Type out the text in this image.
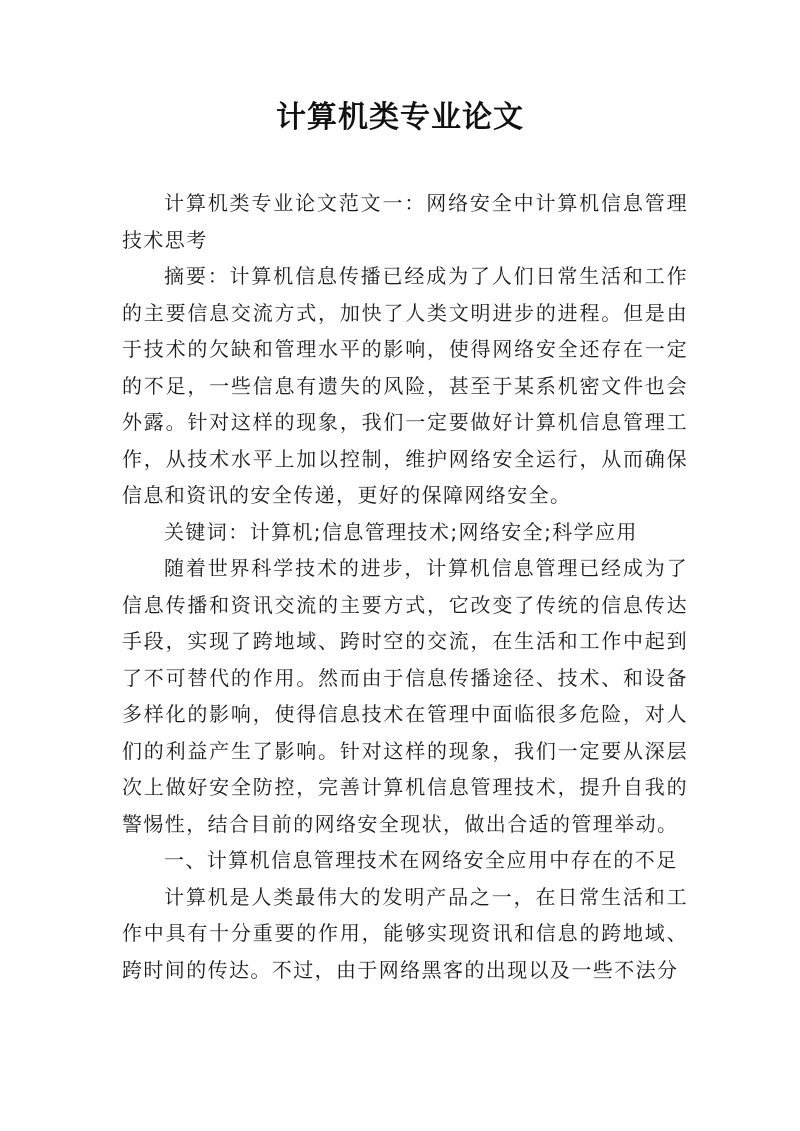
计算机类专业论文

计算机类专业论文范文一：网络安全中计算机信息管理技术思考

摘要：计算机信息传播已经成为了人们日常生活和工作的主要信息交流方式，加快了人类文明进步的进程。但是由于技术的欠缺和管理水平的影响，使得网络安全还存在一定的不足，一些信息有遗失的风险，甚至于某系机密文件也会外露。针对这样的现象，我们一定要做好计算机信息管理工作，从技术水平上加以控制，维护网络安全运行，从而确保信息和资讯的安全传递，更好的保障网络安全。

关键词：计算机;信息管理技术;网络安全;科学应用

随着世界科学技术的进步，计算机信息管理已经成为了信息传播和资讯交流的主要方式，它改变了传统的信息传达手段，实现了跨地域、跨时空的交流，在生活和工作中起到了不可替代的作用。然而由于信息传播途径、技术、和设备多样化的影响，使得信息技术在管理中面临很多危险，对人们的利益产生了影响。针对这样的现象，我们一定要从深层次上做好安全防控，完善计算机信息管理技术，提升自我的警惕性，结合目前的网络安全现状，做出合适的管理举动。

一、计算机信息管理技术在网络安全应用中存在的不足

计算机是人类最伟大的发明产品之一，在日常生活和工作中具有十分重要的作用，能够实现资讯和信息的跨地域、跨时间的传达。不过，由于网络黑客的出现以及一些不法分
